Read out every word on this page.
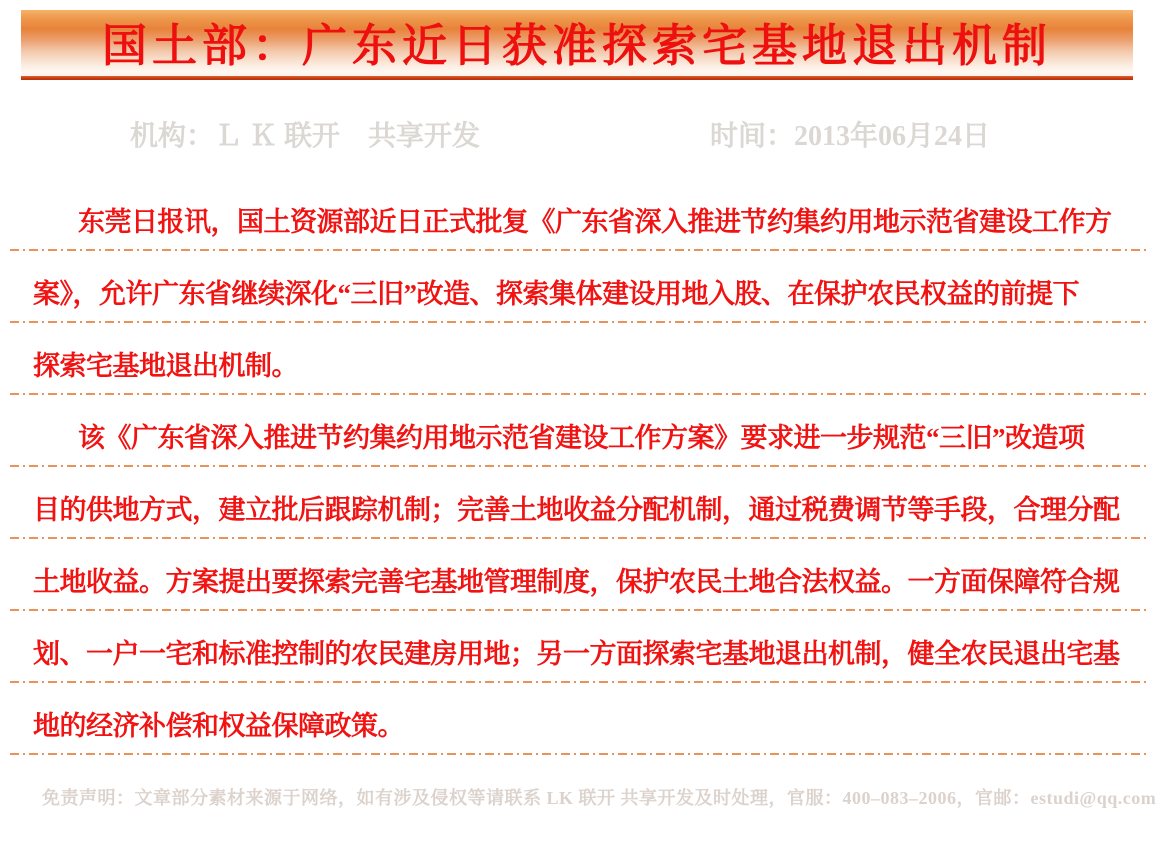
国土部：广东近日获准探索宅基地退出机制
机构：Ｌ Ｋ 联开　共享开发	时间：2013年06月24日
东莞日报讯，国土资源部近日正式批复《广东省深入推进节约集约用地示范省建设工作方
案》，允许广东省继续深化“三旧”改造、探索集体建设用地入股、在保护农民权益的前提下
探索宅基地退出机制。
该《广东省深入推进节约集约用地示范省建设工作方案》要求进一步规范“三旧”改造项
目的供地方式，建立批后跟踪机制；完善土地收益分配机制，通过税费调节等手段，合理分配
土地收益。方案提出要探索完善宅基地管理制度，保护农民土地合法权益。一方面保障符合规
划、一户一宅和标准控制的农民建房用地；另一方面探索宅基地退出机制，健全农民退出宅基
地的经济补偿和权益保障政策。
免责声明：文章部分素材来源于网络，如有涉及侵权等请联系 LK 联开 共享开发及时处理，官服：400–083–2006，官邮：estudi@qq.com
